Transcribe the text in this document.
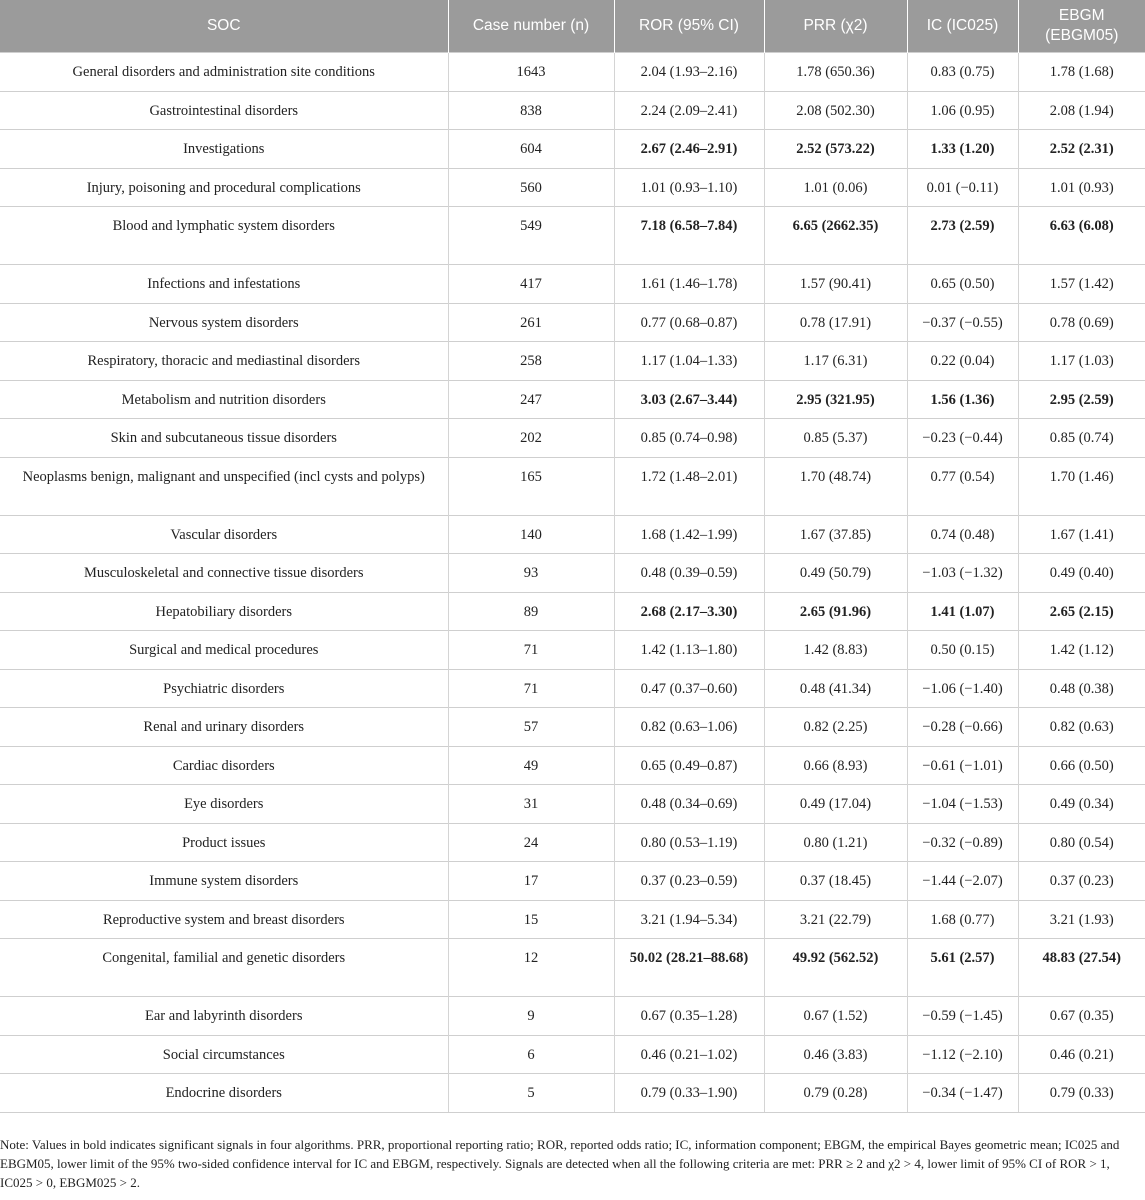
SOC	Case number (n)	ROR (95% CI)	PRR (χ2)	IC (IC025)	EBGM (EBGM05)
General disorders and administration site conditions	1643	2.04 (1.93–2.16)	1.78 (650.36)	0.83 (0.75)	1.78 (1.68)
Gastrointestinal disorders	838	2.24 (2.09–2.41)	2.08 (502.30)	1.06 (0.95)	2.08 (1.94)
Investigations	604	2.67 (2.46–2.91)	2.52 (573.22)	1.33 (1.20)	2.52 (2.31)
Injury, poisoning and procedural complications	560	1.01 (0.93–1.10)	1.01 (0.06)	0.01 (−0.11)	1.01 (0.93)
Blood and lymphatic system disorders	549	7.18 (6.58–7.84)	6.65 (2662.35)	2.73 (2.59)	6.63 (6.08)
Infections and infestations	417	1.61 (1.46–1.78)	1.57 (90.41)	0.65 (0.50)	1.57 (1.42)
Nervous system disorders	261	0.77 (0.68–0.87)	0.78 (17.91)	−0.37 (−0.55)	0.78 (0.69)
Respiratory, thoracic and mediastinal disorders	258	1.17 (1.04–1.33)	1.17 (6.31)	0.22 (0.04)	1.17 (1.03)
Metabolism and nutrition disorders	247	3.03 (2.67–3.44)	2.95 (321.95)	1.56 (1.36)	2.95 (2.59)
Skin and subcutaneous tissue disorders	202	0.85 (0.74–0.98)	0.85 (5.37)	−0.23 (−0.44)	0.85 (0.74)
Neoplasms benign, malignant and unspecified (incl cysts and polyps)	165	1.72 (1.48–2.01)	1.70 (48.74)	0.77 (0.54)	1.70 (1.46)
Vascular disorders	140	1.68 (1.42–1.99)	1.67 (37.85)	0.74 (0.48)	1.67 (1.41)
Musculoskeletal and connective tissue disorders	93	0.48 (0.39–0.59)	0.49 (50.79)	−1.03 (−1.32)	0.49 (0.40)
Hepatobiliary disorders	89	2.68 (2.17–3.30)	2.65 (91.96)	1.41 (1.07)	2.65 (2.15)
Surgical and medical procedures	71	1.42 (1.13–1.80)	1.42 (8.83)	0.50 (0.15)	1.42 (1.12)
Psychiatric disorders	71	0.47 (0.37–0.60)	0.48 (41.34)	−1.06 (−1.40)	0.48 (0.38)
Renal and urinary disorders	57	0.82 (0.63–1.06)	0.82 (2.25)	−0.28 (−0.66)	0.82 (0.63)
Cardiac disorders	49	0.65 (0.49–0.87)	0.66 (8.93)	−0.61 (−1.01)	0.66 (0.50)
Eye disorders	31	0.48 (0.34–0.69)	0.49 (17.04)	−1.04 (−1.53)	0.49 (0.34)
Product issues	24	0.80 (0.53–1.19)	0.80 (1.21)	−0.32 (−0.89)	0.80 (0.54)
Immune system disorders	17	0.37 (0.23–0.59)	0.37 (18.45)	−1.44 (−2.07)	0.37 (0.23)
Reproductive system and breast disorders	15	3.21 (1.94–5.34)	3.21 (22.79)	1.68 (0.77)	3.21 (1.93)
Congenital, familial and genetic disorders	12	50.02 (28.21–88.68)	49.92 (562.52)	5.61 (2.57)	48.83 (27.54)
Ear and labyrinth disorders	9	0.67 (0.35–1.28)	0.67 (1.52)	−0.59 (−1.45)	0.67 (0.35)
Social circumstances	6	0.46 (0.21–1.02)	0.46 (3.83)	−1.12 (−2.10)	0.46 (0.21)
Endocrine disorders	5	0.79 (0.33–1.90)	0.79 (0.28)	−0.34 (−1.47)	0.79 (0.33)
Note: Values in bold indicates significant signals in four algorithms. PRR, proportional reporting ratio; ROR, reported odds ratio; IC, information component; EBGM, the empirical Bayes geometric mean; IC025 and EBGM05, lower limit of the 95% two-sided confidence interval for IC and EBGM, respectively. Signals are detected when all the following criteria are met: PRR ≥ 2 and χ2 > 4, lower limit of 95% CI of ROR > 1, IC025 > 0, EBGM025 > 2.
